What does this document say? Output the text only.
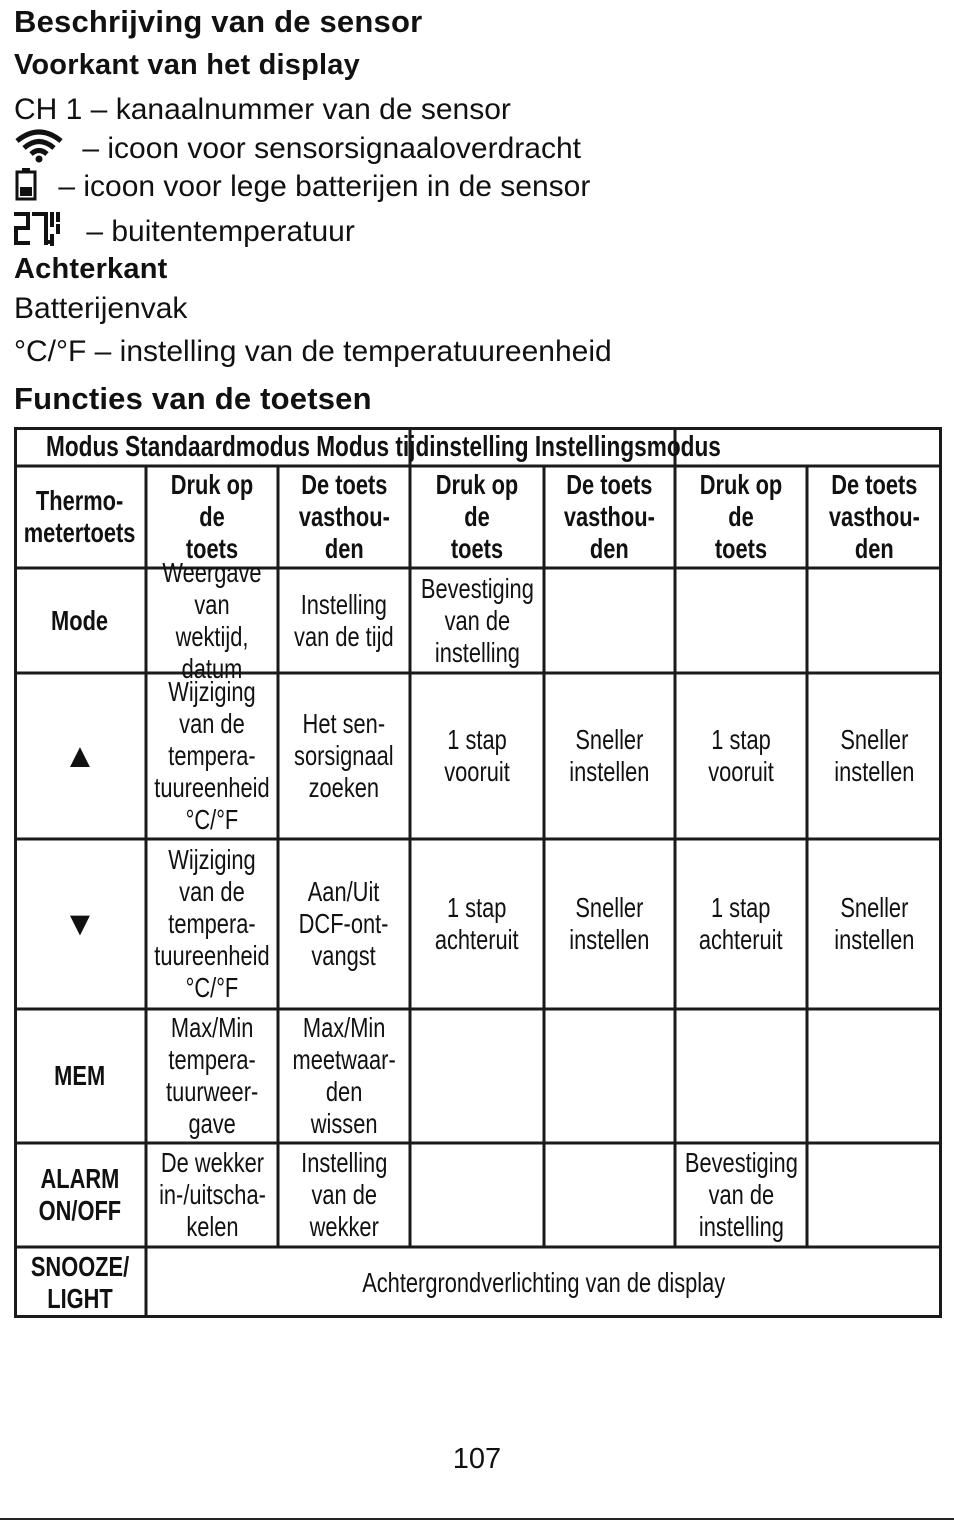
Beschrijving van de sensor
Voorkant van het display
CH 1 – kanaalnummer van de sensor
– icoon voor sensorsignaaloverdracht
– icoon voor lege batterijen in de sensor
– buitentemperatuur
Achterkant
Batterijenvak
°C/°F – instelling van de temperatuureenheid
Functies van de toetsen
Modus Standaardmodus Modus tijdinstelling Instellingsmodus
Thermo-
metertoets
Druk op de
toets
De toets
vasthou-
den
Druk op de
toets
De toets
vasthou-
den
Druk op de
toets
De toets
vasthou-
den
Mode
Weergave
van wektijd,
datum
Instelling
van de tijd
Bevestiging
van de
instelling
▲
Wijziging
van de
tempera-
tuureenheid
°C/°F
Het sen-
sorsignaal
zoeken
1 stap
vooruit
Sneller
instellen
1 stap
vooruit
Sneller
instellen
▼
Wijziging
van de
tempera-
tuureenheid
°C/°F
Aan/Uit
DCF-ont-
vangst
1 stap
achteruit
Sneller
instellen
1 stap
achteruit
Sneller
instellen
MEM
Max/Min
tempera-
tuurweer-
gave
Max/Min
meetwaar-
den wissen
ALARM
ON/OFF
De wekker
in-/uitscha-
kelen
Instelling
van de
wekker
Bevestiging
van de
instelling
SNOOZE/
LIGHT
Achtergrondverlichting van de display
107
